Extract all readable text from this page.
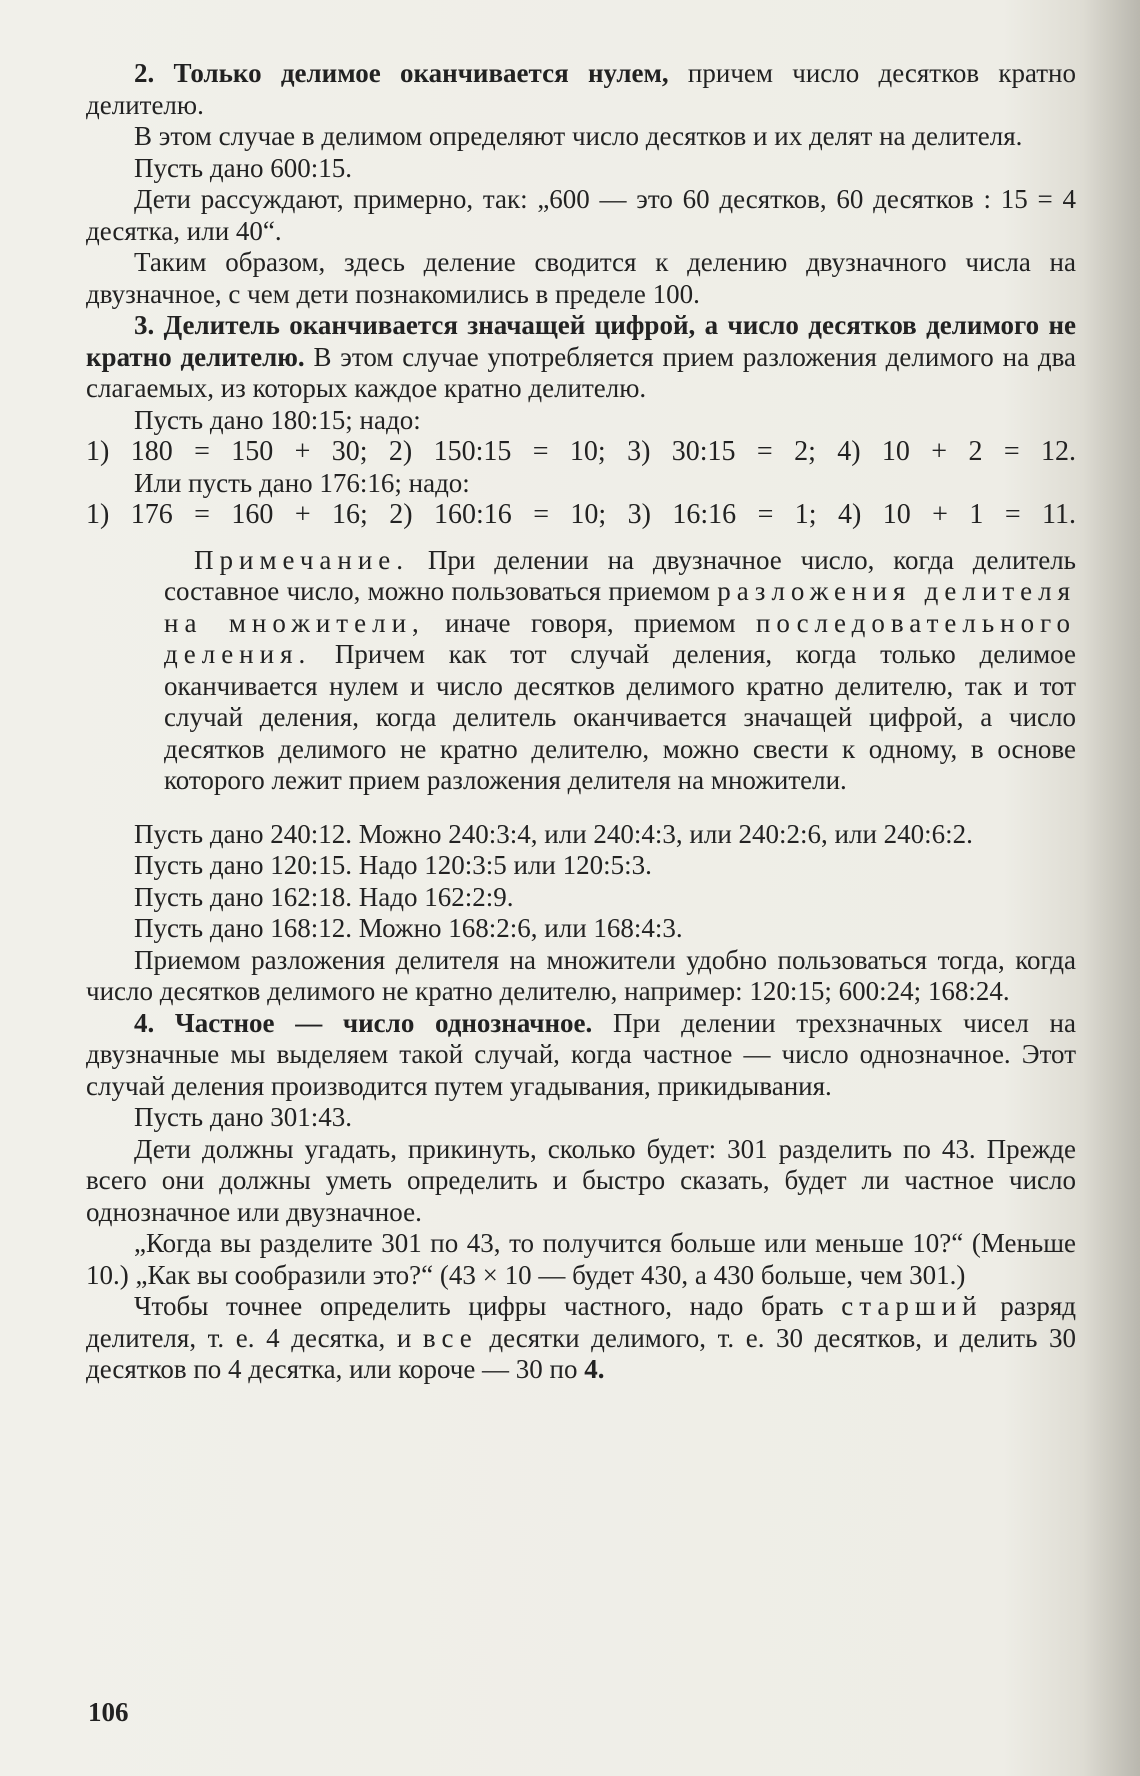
2. Только делимое оканчивается нулем, причем число десятков кратно делителю.

В этом случае в делимом определяют число десятков и их делят на делителя.

Пусть дано 600:15.

Дети рассуждают, примерно, так: „600 — это 60 десятков, 60 десятков : 15 = 4 десятка, или 40“.

Таким образом, здесь деление сводится к делению двузначного числа на двузначное, с чем дети познакомились в пределе 100.

3. Делитель оканчивается значащей цифрой, а число десятков делимого не кратно делителю. В этом случае употребляется прием разложения делимого на два слагаемых, из которых каждое кратно делителю.

Пусть дано 180:15; надо:

1) 180 = 150 + 30; 2) 150:15 = 10; 3) 30:15 = 2; 4) 10 + 2 = 12.

Или пусть дано 176:16; надо:

1) 176 = 160 + 16; 2) 160:16 = 10; 3) 16:16 = 1; 4) 10 + 1 = 11.

Примечание. При делении на двузначное число, когда делитель составное число, можно пользоваться приемом разложения делителя на множители, иначе говоря, приемом последовательного деления. Причем как тот случай деления, когда только делимое оканчивается нулем и число десятков делимого кратно делителю, так и тот случай деления, когда делитель оканчивается значащей цифрой, а число десятков делимого не кратно делителю, можно свести к одному, в основе которого лежит прием разложения делителя на множители.

Пусть дано 240:12. Можно 240:3:4, или 240:4:3, или 240:2:6, или 240:6:2.

Пусть дано 120:15. Надо 120:3:5 или 120:5:3.

Пусть дано 162:18. Надо 162:2:9.

Пусть дано 168:12. Можно 168:2:6, или 168:4:3.

Приемом разложения делителя на множители удобно пользоваться тогда, когда число десятков делимого не кратно делителю, например: 120:15; 600:24; 168:24.

4. Частное — число однозначное. При делении трехзначных чисел на двузначные мы выделяем такой случай, когда частное — число однозначное. Этот случай деления производится путем угадывания, прикидывания.

Пусть дано 301:43.

Дети должны угадать, прикинуть, сколько будет: 301 разделить по 43. Прежде всего они должны уметь определить и быстро сказать, будет ли частное число однозначное или двузначное.

„Когда вы разделите 301 по 43, то получится больше или меньше 10?“ (Меньше 10.) „Как вы сообразили это?“ (43 × 10 — будет 430, а 430 больше, чем 301.)

Чтобы точнее определить цифры частного, надо брать старший разряд делителя, т. е. 4 десятка, и все десятки делимого, т. е. 30 десятков, и делить 30 десятков по 4 десятка, или короче — 30 по 4.

106
